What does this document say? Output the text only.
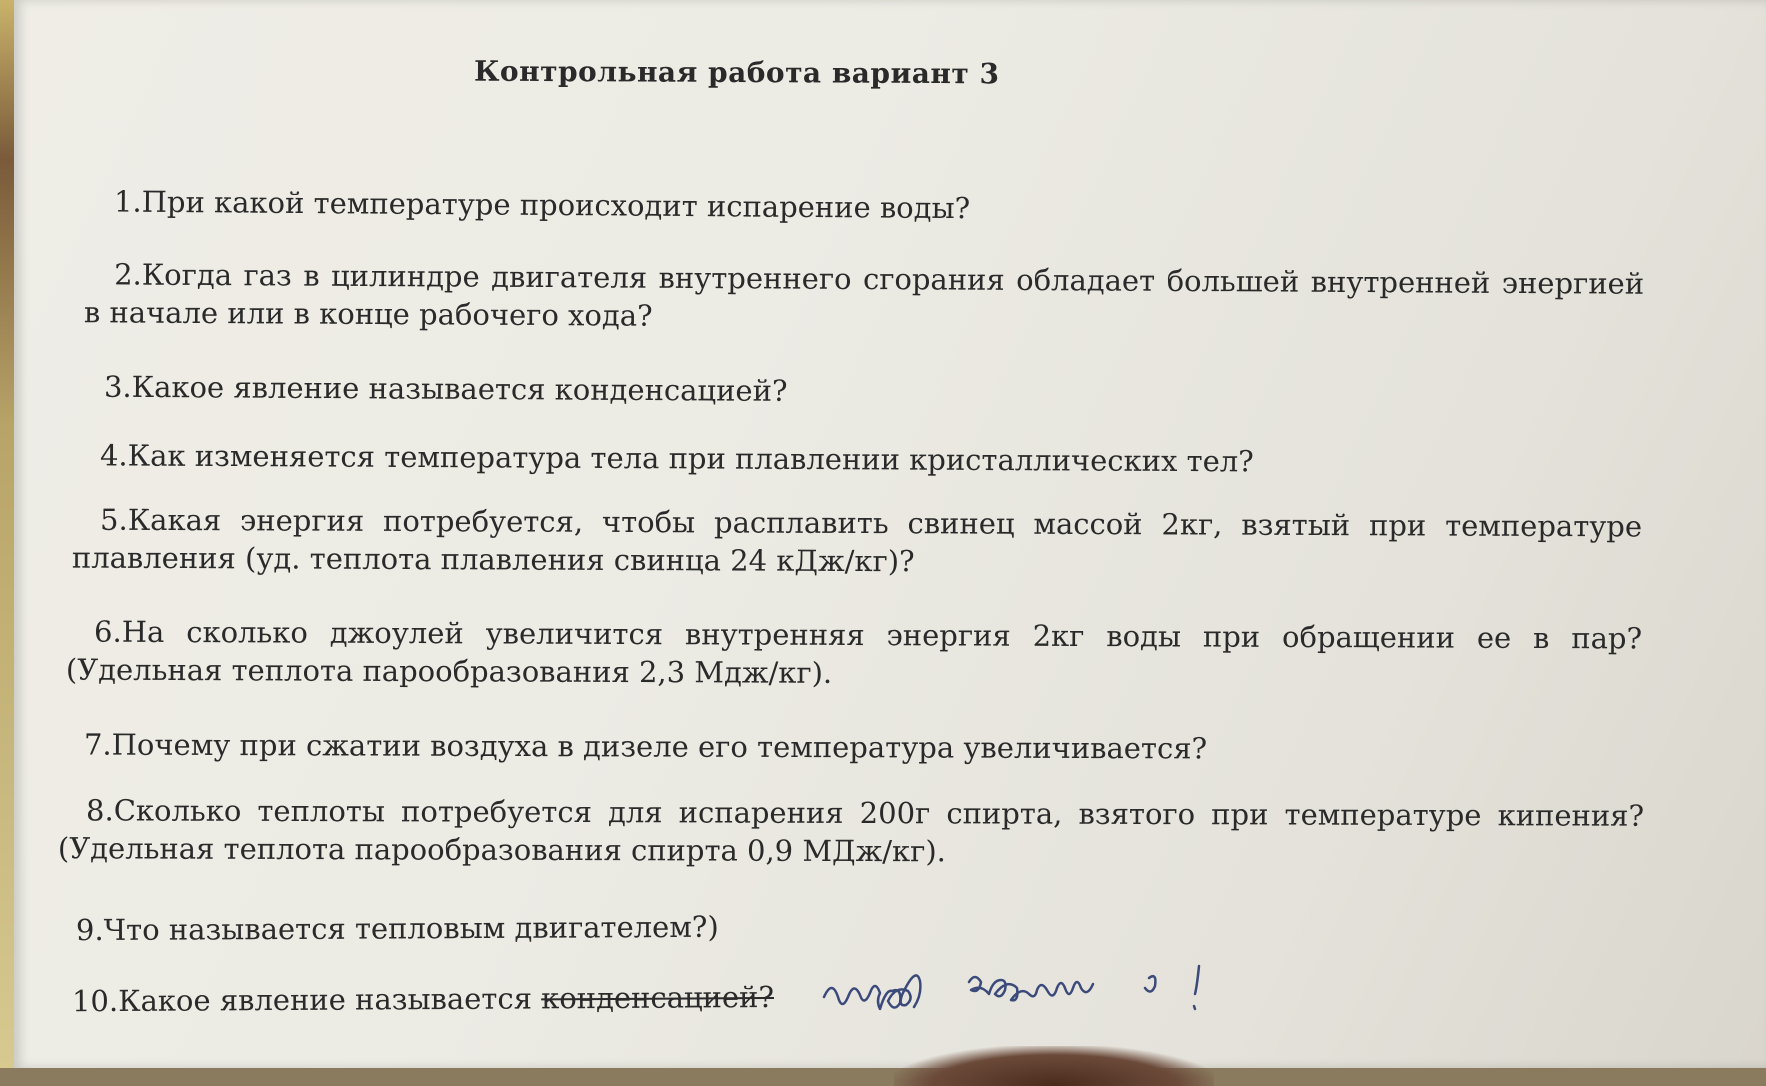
Контрольная работа вариант 3
1.При какой температуре происходит испарение воды?
2.Когда газ в цилиндре двигателя внутреннего сгорания обладает большей внутренней энергией в начале или в конце рабочего хода?
3.Какое явление называется конденсацией?
4.Как изменяется температура тела при плавлении кристаллических тел?
5.Какая энергия потребуется, чтобы расплавить свинец массой 2кг, взятый при температуре плавления (уд. теплота плавления свинца 24 кДж/кг)?
6.На сколько джоулей увеличится внутренняя энергия 2кг воды при обращении ее в пар? (Удельная теплота парообразования 2,3 Мдж/кг).
7.Почему при сжатии воздуха в дизеле его температура увеличивается?
8.Сколько теплоты потребуется для испарения 200г спирта, взятого при температуре кипения? (Удельная теплота парообразования спирта 0,9 МДж/кг).
9.Что называется тепловым двигателем?)
10.Какое явление называется конденсацией?
